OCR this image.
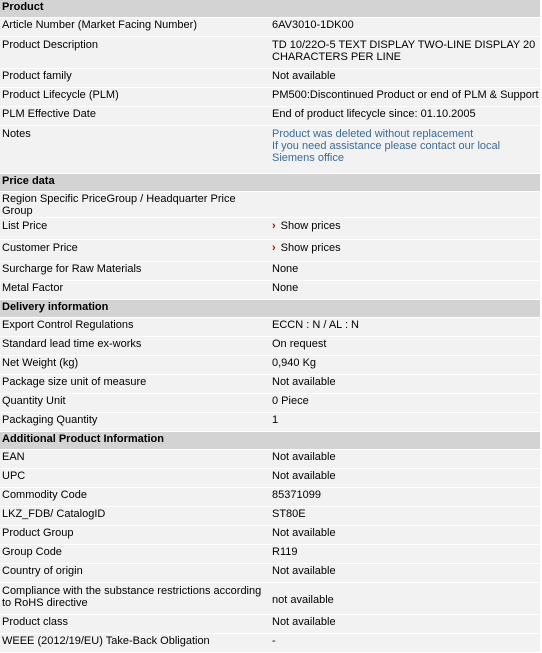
Product	
Article Number (Market Facing Number)	6AV3010-1DK00
Product Description	TD 10/22O-5 TEXT DISPLAY TWO-LINE DISPLAY 20 CHARACTERS PER LINE
Product family	Not available
Product Lifecycle (PLM)	PM500:Discontinued Product or end of PLM & Support
PLM Effective Date	End of product lifecycle since: 01.10.2005
Notes	Product was deleted without replacement
If you need assistance please contact our local Siemens office

Price data	
Region Specific PriceGroup / Headquarter Price Group	
List Price	› Show prices
Customer Price	› Show prices
Surcharge for Raw Materials	None
Metal Factor	None
Delivery information	
Export Control Regulations	ECCN : N / AL : N
Standard lead time ex-works	On request
Net Weight (kg)	0,940 Kg
Package size unit of measure	Not available
Quantity Unit	0 Piece
Packaging Quantity	1
Additional Product Information	
EAN	Not available
UPC	Not available
Commodity Code	85371099
LKZ_FDB/ CatalogID	ST80E
Product Group	Not available
Group Code	R119
Country of origin	Not available
Compliance with the substance restrictions according to RoHS directive	not available
Product class	Not available
WEEE (2012/19/EU) Take-Back Obligation	-
